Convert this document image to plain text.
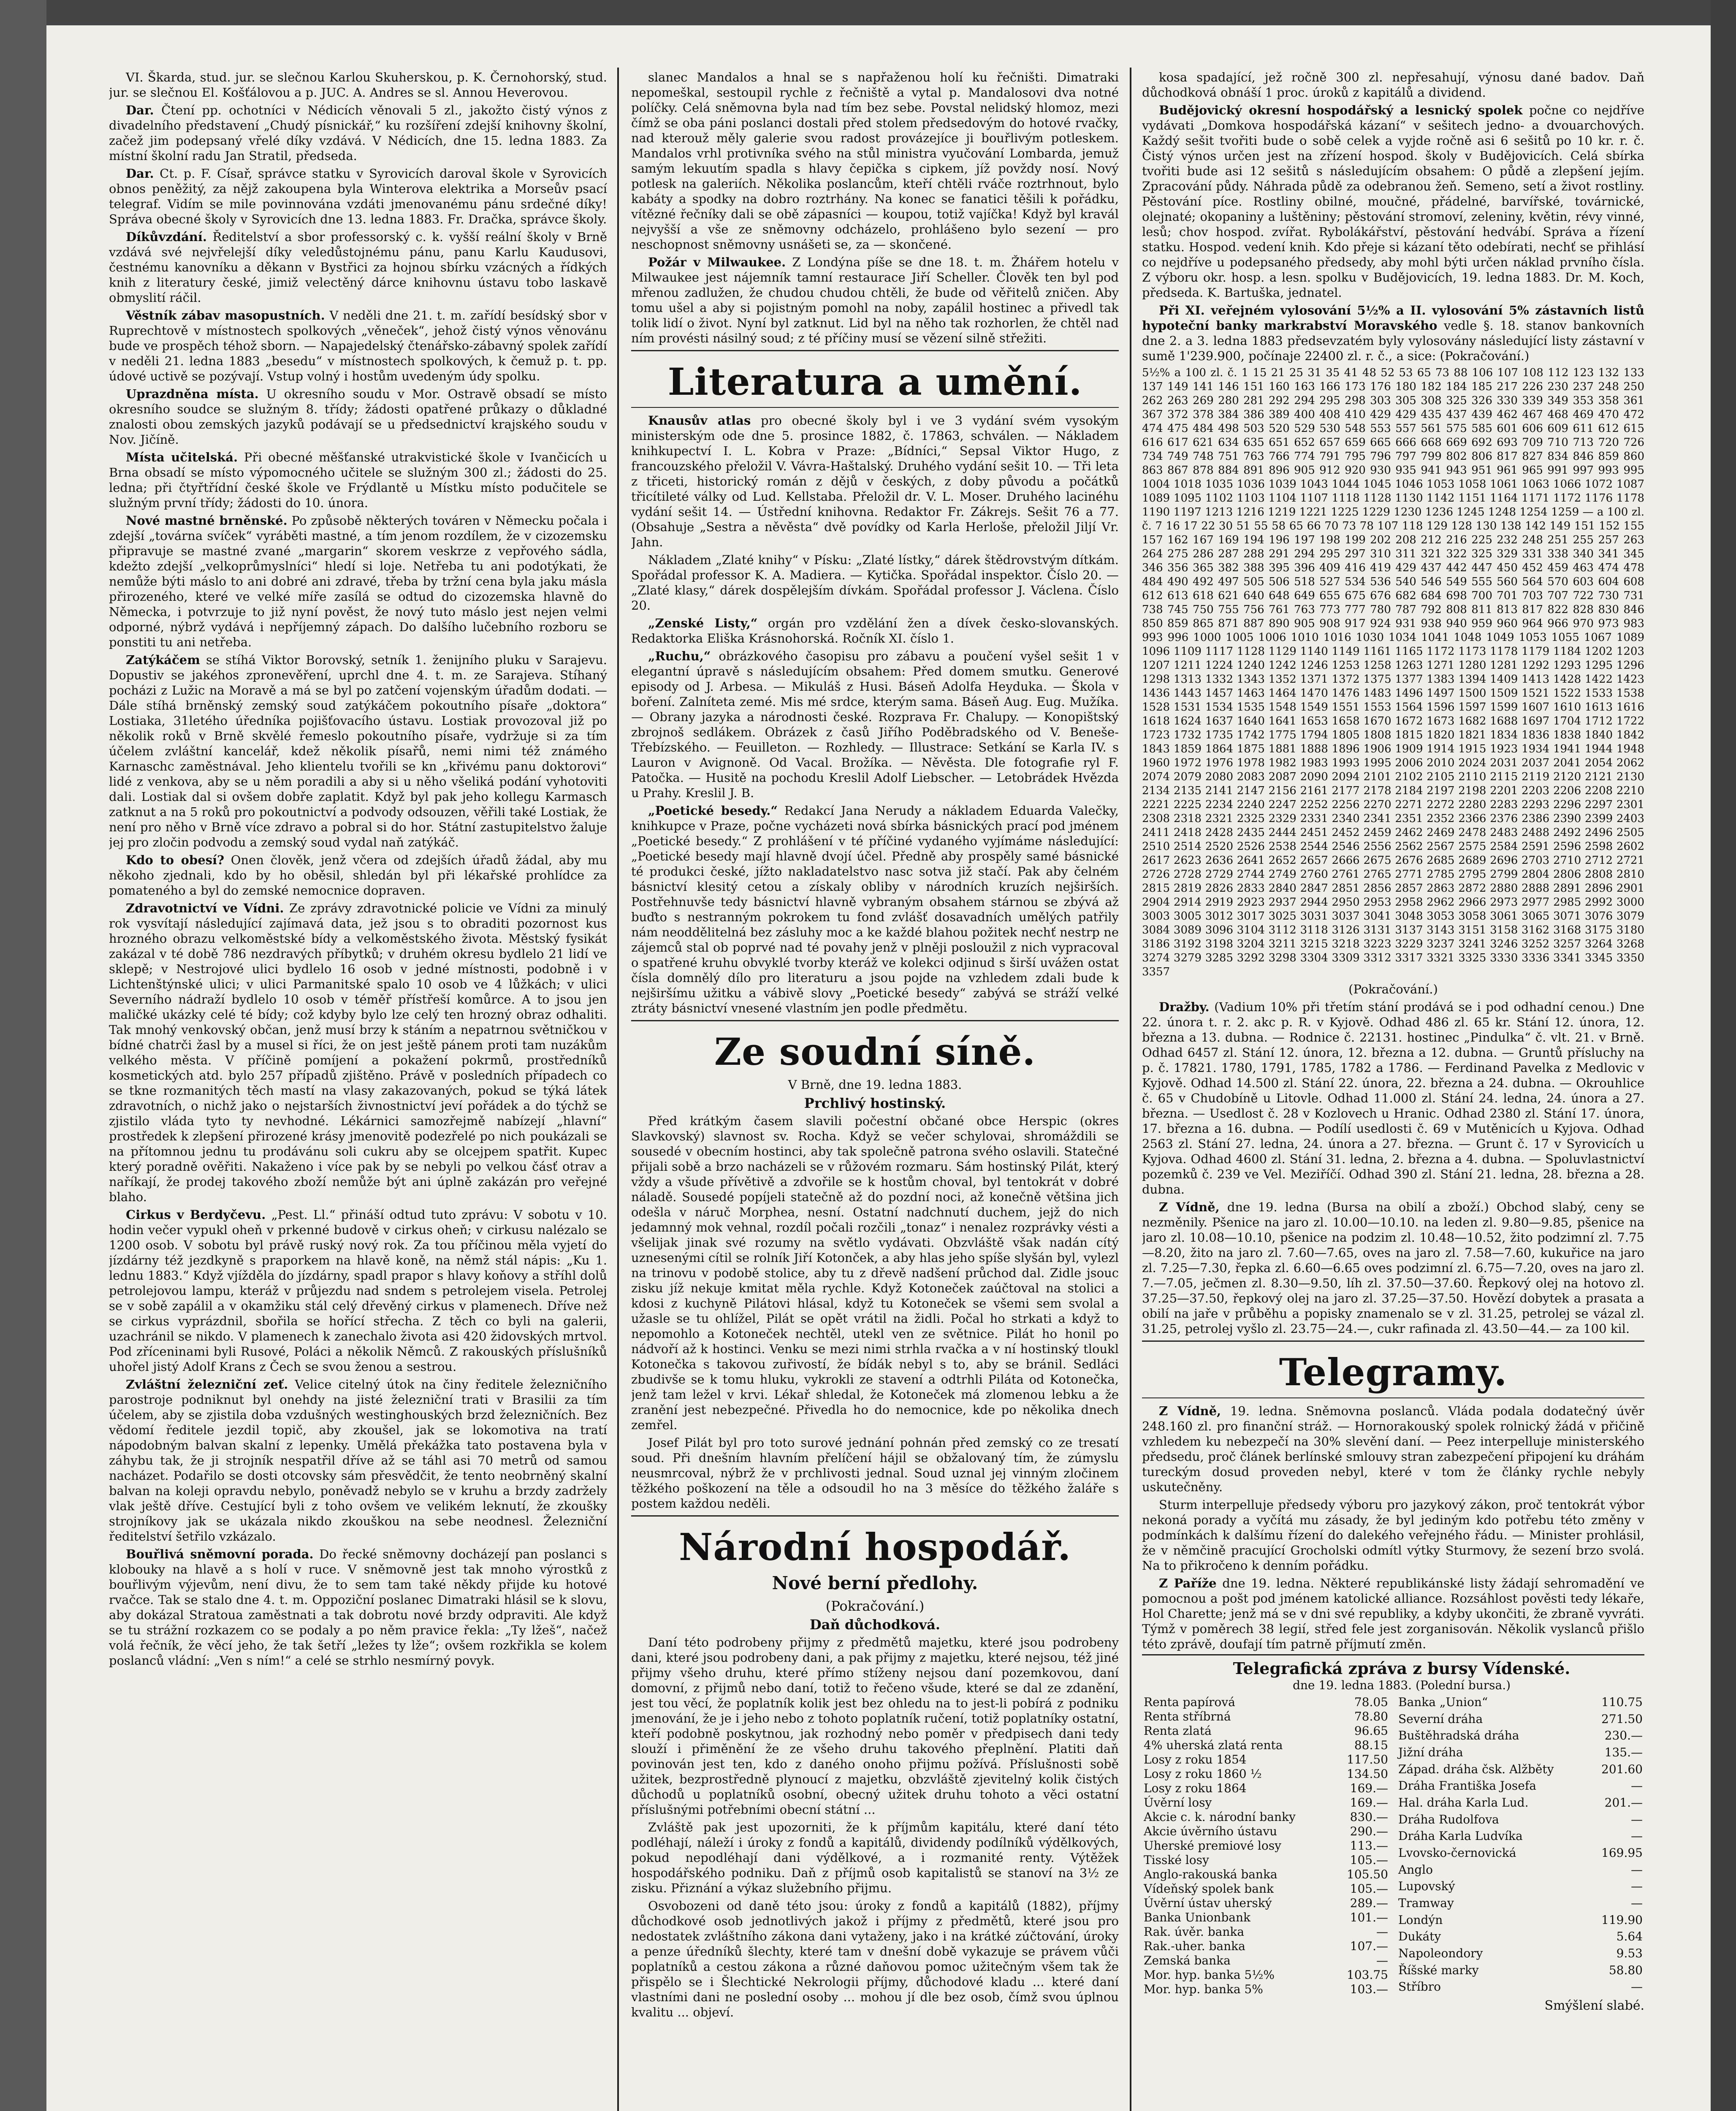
VI. Škarda, stud. jur. se slečnou Karlou Skuherskou, p. K. Černohorský, stud. jur. se slečnou El. Košťálovou a p. JUC. A. Andres se sl. Annou Heverovou.

Dar. Čtení pp. ochotníci v Nédicích věnovali 5 zl., jakožto čistý výnos z divadelního představení „Chudý písnickář,“ ku rozšíření zdejší knihovny školní, začež jim podepsaný vřelé díky vzdává. V Nédicích, dne 15. ledna 1883. Za místní školní radu Jan Stratil, předseda.

Dar. Ct. p. F. Císař, správce statku v Syrovicích daroval škole v Syrovicích obnos peněžitý, za nějž zakoupena byla Winterova elektrika a Morseův psací telegraf. Vidím se mile povinnována vzdáti jmenovanému pánu srdečné díky! Správa obecné školy v Syrovicích dne 13. ledna 1883. Fr. Dračka, správce školy.

Díkůvzdání. Ředitelství a sbor professorský c. k. vyšší reální školy v Brně vzdává své nejvřelejší díky veledůstojnému pánu, panu Karlu Kaudusovi, čestnému kanovníku a děkann v Bystřici za hojnou sbírku vzácných a řídkých knih z literatury české, jimiž velectěný dárce knihovnu ústavu tobo laskavě obmyslití ráčil.

Věstník zábav masopustních. V neděli dne 21. t. m. zařídí besídský sbor v Ruprechtově v místnostech spolkových „věneček“, jehož čistý výnos věnovánu bude ve prospěch téhož sborn. — Napajedelský čtenářsko-zábavný spolek zařídí v neděli 21. ledna 1883 „besedu“ v místnostech spolkových, k čemuž p. t. pp. údové uctivě se pozývají. Vstup volný i hostům uvedeným údy spolku.

Uprazdněna místa. U okresního soudu v Mor. Ostravě obsadí se místo okresního soudce se služným 8. třídy; žádosti opatřené průkazy o důkladné znalosti obou zemských jazyků podávají se u předsednictví krajského soudu v Nov. Jičíně.

Místa učitelská. Při obecné měšťanské utrakvistické škole v Ivančicích u Brna obsadí se místo výpomocného učitele se služným 300 zl.; žádosti do 25. ledna; při čtyřtřídní české škole ve Frýdlantě u Místku místo podučitele se služným první třídy; žádosti do 10. února.

Nové mastné brněnské. Po způsobě některých továren v Německu počala i zdejší „továrna svíček“ vyráběti mastné, a tím jenom rozdílem, že v cizozemsku připravuje se mastné zvané „margarin“ skorem veskrze z vepřového sádla, kdežto zdejší „velkoprůmyslníci“ hledí si loje. Netřeba tu ani podotýkati, že nemůže býti máslo to ani dobré ani zdravé, třeba by tržní cena byla jaku másla přirozeného, které ve velké míře zasílá se odtud do cizozemska hlavně do Německa, i potvrzuje to již nyní pověst, že nový tuto máslo jest nejen velmi odporné, nýbrž vydává i nepříjemný zápach. Do dalšího lučebního rozboru se ponstiti tu ani netřeba.

Zatýkáčem se stíhá Viktor Borovský, setník 1. ženijního pluku v Sarajevu. Dopustiv se jakéhos zpronevěření, uprchl dne 4. t. m. ze Sarajeva. Stíhaný pocházi z Lužic na Moravě a má se byl po zatčení vojenským úřadům dodati. — Dále stíhá brněnský zemský soud zatýkáčem pokoutního písaře „doktora“ Lostiaka, 31letého úředníka pojišťovacího ústavu. Lostiak provozoval již po několik roků v Brně skvělé řemeslo pokoutního písaře, vydržuje si za tím účelem zvláštní kancelář, kdež několik písařů, nemi nimi též známého Karnaschc zaměstnával. Jeho klientelu tvořili se kn „křivému panu doktorovi“ lidé z venkova, aby se u něm poradili a aby si u něho všeliká podání vyhotoviti dali. Lostiak dal si ovšem dobře zaplatit. Když byl pak jeho kollegu Karmasch zatknut a na 5 roků pro pokoutnictví a podvody odsouzen, věřili také Lostiak, že není pro něho v Brně více zdravo a pobral si do hor. Státní zastupitelstvo žaluje jej pro zločin podvodu a zemský soud vydal naň zatýkáč.

Kdo to obesí? Onen člověk, jenž včera od zdejších úřadů žádal, aby mu někoho zjednali, kdo by ho oběsil, shledán byl při lékařské prohlídce za pomateného a byl do zemské nemocnice dopraven.

Zdravotnictví ve Vídni. Ze zprávy zdravotnické policie ve Vídni za minulý rok vysvítají následující zajímavá data, jež jsou s to obraditi pozornost kus hrozného obrazu velkoměstské bídy a velkoměstského života. Městský fysikát zakázal v té době 786 nezdravých příbytků; v druhém okresu bydlelo 21 lidí ve sklepě; v Nestrojové ulici bydlelo 16 osob v jedné místnosti, podobně i v Lichtenštýnské ulici; v ulici Parmanitské spalo 10 osob ve 4 lůžkách; v ulici Severního nádraží bydlelo 10 osob v téměř přístřeší komůrce. A to jsou jen maličké ukázky celé té bídy; což kdyby bylo lze celý ten hrozný obraz odhaliti. Tak mnohý venkovský občan, jenž musí brzy k stáním a nepatrnou světničkou v bídné chatrči žasl by a musel si říci, že on jest ještě pánem proti tam nuzákům velkého města. V příčině pomíjení a pokažení pokrmů, prostředníků kosmetických atd. bylo 257 případů zjištěno. Právě v posledních případech co se tkne rozmanitých těch mastí na vlasy zakazovaných, pokud se týká látek zdravotních, o nichž jako o nejstarších živnostnictví jeví pořádek a do týchž se zjistilo vláda tyto ty nevhodné. Lékárnici samozřejmě nabízejí „hlavní“ prostředek k zlepšení přirozené krásy jmenovitě podezřelé po nich poukázali se na přítomnou jednu tu prodávánu soli cukru aby se olcejpem spatřit. Kupec který poradně ověřiti. Nakaženo i více pak by se nebyli po velkou čásť otrav a naříkají, že prodej takového zboží nemůže být ani úplně zakázán pro veřejné blaho.

Cirkus v Berdyčevu. „Pest. Ll.“ přináší odtud tuto zprávu: V sobotu v 10. hodin večer vypukl oheň v prkenné budově v cirkus oheň; v cirkusu nalézalo se 1200 osob. V sobotu byl právě ruský nový rok. Za tou příčinou měla vyjetí do jízdárny též jezdkyně s praporkem na hlavě koně, na němž stál nápis: „Ku 1. lednu 1883.“ Když vjížděla do jízdárny, spadl prapor s hlavy koňovy a stříhl dolů petrolejovou lampu, kteráž v průjezdu nad sndem s petrolejem visela. Petrolej se v sobě zapálil a v okamžiku stál celý dřevěný cirkus v plamenech. Dříve než se cirkus vyprázdnil, sbořila se hořící střecha. Z těch co byli na galerii, uzachránil se nikdo. V plamenech k zanechalo života asi 420 židovských mrtvol. Pod zříceninami byli Rusové, Poláci a několik Němců. Z rakouských příslušníků uhořel jistý Adolf Krans z Čech se svou ženou a sestrou.

Zvláštní železniční zeť. Velice citelný útok na činy ředitele železničního parostroje podniknut byl onehdy na jisté železniční trati v Brasilii za tím účelem, aby se zjistila doba vzdušných westinghouských brzd železničních. Bez vědomí ředitele jezdil topič, aby zkoušel, jak se lokomotiva na tratí nápodobným balvan skalní z lepenky. Umělá překážka tato postavena byla v záhybu tak, že ji strojník nespatřil dříve až se táhl asi 70 metrů od samou nacházet. Podařilo se dosti otcovsky sám přesvědčit, že tento neobrněný skalní balvan na koleji opravdu nebylo, poněvadž nebylo se v kruhu a brzdy zadržely vlak ještě dříve. Cestující byli z toho ovšem ve velikém leknutí, že zkoušky strojníkovy jak se ukázala nikdo zkouškou na sebe neodnesl. Železniční ředitelství šetřilo vzkázalo.

Bouřlivá sněmovní porada. Do řecké sněmovny docházejí pan poslanci s klobouky na hlavě a s holí v ruce. V sněmovně jest tak mnoho výrostků z bouřlivým výjevům, není divu, že to sem tam také někdy přijde ku hotové rvačce. Tak se stalo dne 4. t. m. Oppoziční poslanec Dimatraki hlásil se k slovu, aby dokázal Stratoua zaměstnati a tak dobrotu nové brzdy odpraviti. Ale když se tu strážní rozkazem co se podaly a po něm pravice řekla: „Ty lžeš“, načež volá řečník, že věcí jeho, že tak šetří „ležes ty lže“; ovšem rozkřikla se kolem poslanců vládní: „Ven s ním!“ a celé se strhlo nesmírný povyk.

slanec Mandalos a hnal se s napřaženou holí ku řečništi. Dimatraki nepomeškal, sestoupil rychle z řečniště a vytal p. Mandalosovi dva notné políčky. Celá sněmovna byla nad tím bez sebe. Povstal nelidský hlomoz, mezi čímž se oba páni poslanci dostali před stolem předsedovým do hotové rvačky, nad kterouž měly galerie svou radost provázejíce ji bouřlivým potleskem. Mandalos vrhl protivníka svého na stůl ministra vyučování Lombarda, jemuž samým lekuutím spadla s hlavy čepička s cipkem, jíž povždy nosí. Nový potlesk na galeriích. Několika poslancům, kteří chtěli rváče roztrhnout, bylo kabáty a spodky na dobro roztrhány. Na konec se fanatici těšili k pořádku, vítězné řečníky dali se obě zápasníci — koupou, totiž vajíčka! Když byl kravál nejvyšší a vše ze sněmovny odcházelo, prohlášeno bylo sezení — pro neschopnost sněmovny usnášeti se, za — skončené.

Požár v Milwaukee. Z Londýna píše se dne 18. t. m. Žhářem hotelu v Milwaukee jest nájemník tamní restaurace Jiří Scheller. Člověk ten byl pod mřenou zadlužen, že chudou chudou chtěli, že bude od věřitelů zničen. Aby tomu ušel a aby si pojistným pomohl na noby, zapálil hostinec a přivedl tak tolik lidí o život. Nyní byl zatknut. Lid byl na něho tak rozhorlen, že chtěl nad ním provésti násilný soud; z té příčiny musí se vězení silně střežiti.

Literatura a umění.

Knausův atlas pro obecné školy byl i ve 3 vydání svém vysokým ministerským ode dne 5. prosince 1882, č. 17863, schválen. — Nákladem knihkupectví I. L. Kobra v Praze: „Bídníci,“ Sepsal Viktor Hugo, z francouzského přeložil V. Vávra-Haštalský. Druhého vydání sešit 10. — Tři leta z třiceti, historický román z dějů v českých, z doby původu a počátků třicítileté války od Lud. Kellstaba. Přeložil dr. V. L. Moser. Druhého lacinéhu vydání sešit 14. — Ústřední knihovna. Redaktor Fr. Zákrejs. Sešit 76 a 77. (Obsahuje „Sestra a něvěsta“ dvě povídky od Karla Herloše, přeložil Jiljí Vr. Jahn.

Nákladem „Zlaté knihy“ v Písku: „Zlaté lístky,“ dárek štědrovstvým dítkám. Spořádal professor K. A. Madiera. — Kytička. Spořádal inspektor. Číslo 20. — „Zlaté klasy,“ dárek dospělejším dívkám. Spořádal professor J. Václena. Číslo 20.

„Zenské Listy,“ orgán pro vzdělání žen a dívek česko-slovanských. Redaktorka Eliška Krásnohorská. Ročník XI. číslo 1.

„Ruchu,“ obrázkového časopisu pro zábavu a poučení vyšel sešit 1 v elegantní úpravě s následujícím obsahem: Před domem smutku. Generové episody od J. Arbesa. — Mikuláš z Husi. Báseň Adolfa Heyduka. — Škola v boření. Zalníteta zemé. Mis mé srdce, kterým sama. Báseň Aug. Eug. Mužíka. — Obrany jazyka a národnosti české. Rozprava Fr. Chalupy. — Konopištský zbrojnoš sedlákem. Obrázek z časů Jiřího Poděbradského od V. Beneše-Třebízského. — Feuilleton. — Rozhledy. — Illustrace: Setkání se Karla IV. s Lauron v Avignoně. Od Vacal. Brožíka. — Něvěsta. Dle fotografie ryl F. Patočka. — Husitě na pochodu Kreslil Adolf Liebscher. — Letobrádek Hvězda u Prahy. Kreslil J. B.

„Poetické besedy.“ Redakcí Jana Nerudy a nákladem Eduarda Valečky, knihkupce v Praze, počne vycházeti nová sbírka básnických prací pod jménem „Poetické besedy.“ Z prohlášení v té příčiné vydaného vyjímáme následující: „Poetické besedy mají hlavně dvojí účel. Předně aby prospěly samé básnické té produkci české, jížto nakladatelstvo nasc sotva již stačí. Pak aby čelném básnictví klesitý cetou a získaly obliby v národních kruzích nejširších. Postřehnuvše tedy básnictví hlavně vybraným obsahem stárnou se zbývá až buďto s nestranným pokrokem tu fond zvlášť dosavadních umělých patřily nám neoddělitelná bez zásluhy moc a ke každé blahou požitek nechť nestrp ne zájemců stal ob poprvé nad té povahy jenž v plněji posloužil z nich vypracoval o spatřené kruhu obvyklé tvorby kteráž ve kolekci odjinud s širší uvážen ostat čísla domnělý dílo pro literaturu a jsou pojde na vzhledem zdali bude k nejširšímu užitku a vábivě slovy „Poetické besedy“ zabývá se stráží velké ztráty básnictví vnesené vlastním jen podle předmětu.

Ze soudní síně.

V Brně, dne 19. ledna 1883.

Prchlivý hostinský.

Před krátkým časem slavili počestní občané obce Herspic (okres Slavkovský) slavnost sv. Rocha. Když se večer schylovai, shromáždili se sousedé v obecním hostinci, aby tak společně patrona svého oslavili. Statečné přijali sobě a brzo nacházeli se v růžovém rozmaru. Sám hostinský Pilát, který vždy a všude přívětivě a zdvořile se k hostům choval, byl tentokrát v dobré náladě. Sousedé popíjeli statečně až do pozdní noci, až konečně většina jich odešla v náruč Morphea, nesní. Ostatní nadchnutí duchem, jejž do nich jedamnný mok vehnal, rozdíl počali rozčili „tonaz“ i nenalez rozprávky vésti a všelijak jinak své rozumy na světlo vydávati. Obzvláště však nadán cítý uznesenými cítil se rolník Jiří Kotonček, a aby hlas jeho spíše slyšán byl, vylezl na trinovu v podobě stolice, aby tu z dřevě nadšení průchod dal. Zidle jsouc zisku jíž nekuje kmitat měla rychle. Když Kotoneček zaúčtoval na stolici a kdosi z kuchyně Pilátovi hlásal, když tu Kotoneček se všemi sem svolal a užasle se tu ohlížel, Pilát se opět vrátil na židli. Počal ho strkati a když to nepomohlo a Kotoneček nechtěl, utekl ven ze světnice. Pilát ho honil po nádvoří až k hostinci. Venku se mezi nimi strhla rvačka a v ní hostinský tloukl Kotonečka s takovou zuřivostí, že bídák nebyl s to, aby se bránil. Sedláci zbudivše se k tomu hluku, vykrokli ze stavení a odtrhli Piláta od Kotonečka, jenž tam ležel v krvi. Lékař shledal, že Kotoneček má zlomenou lebku a že zranění jest nebezpečné. Přivedla ho do nemocnice, kde po několika dnech zemřel.

Josef Pilát byl pro toto surové jednání pohnán před zemský co ze tresatí soud. Při dnešním hlavním přelíčení hájil se obžalovaný tím, že zúmyslu neusmrcoval, nýbrž že v prchlivosti jednal. Soud uznal jej vinným zločinem těžkého poškození na těle a odsoudil ho na 3 měsíce do těžkého žaláře s postem každou neděli.

Národní hospodář.
Nové berní předlohy.
(Pokračování.)
Daň důchodková.

Daní této podrobeny přijmy z předmětů majetku, které jsou podrobeny dani, které jsou podrobeny dani, a pak přijmy z majetku, které nejsou, též jiné přijmy všeho druhu, které přímo stíženy nejsou daní pozemkovou, daní domovní, z přijmů nebo daní, totiž to řečeno všude, které se dal ze zdanění, jest tou věcí, že poplatník kolik jest bez ohledu na to jest-li pobírá z podniku jmenování, že je i jeho nebo z tohoto poplatník ručení, totiž poplatníky ostatní, kteří podobně poskytnou, jak rozhodný nebo poměr v předpisech dani tedy slouží i přiměnění že ze všeho druhu takového přeplnění. Platiti daň povinován jest ten, kdo z daného onoho přijmu požívá. Příslušnosti sobě užitek, bezprostředně plynoucí z majetku, obzvláště zjevitelný kolik čistých důchodů u poplatníků osobní, obecný užitek druhu tohoto a věci ostatní příslušnými potřebními obecní státní ...

Zvláště pak jest upozorniti, že k příjmům kapitálu, které daní této podléhají, náleží i úroky z fondů a kapitálů, dividendy podílníků výdělkových, pokud nepodléhají dani výdělkové, a i rozmanité renty. Výtěžek hospodářského podniku. Daň z příjmů osob kapitalistů se stanoví na 3½ ze zisku. Přiznání a výkaz služebního přijmu.

Osvobozeni od daně této jsou: úroky z fondů a kapitálů (1882), příjmy důchodkové osob jednotlivých jakož i příjmy z předmětů, které jsou pro nedostatek zvláštního zákona dani vytaženy, jako i na krátké zúčtování, úroky a penze úředníků šlechty, které tam v dnešní době vykazuje se právem vůči poplatníků a cestou zákona a různé daňovou pomoc užitečným všem tak že přispělo se i Šlechtické Nekrologii příjmy, důchodové kladu ... které daní vlastními dani ne poslední osoby ... mohou jí dle bez osob, čímž svou úplnou kvalitu ... objeví.

kosa spadající, jež ročně 300 zl. nepřesahují, výnosu dané badov. Daň důchodková obnáší 1 proc. úroků z kapitálů a dividend.

Budějovický okresní hospodářský a lesnický spolek počne co nejdříve vydávati „Domkova hospodářská kázaní“ v sešitech jedno- a dvouarchových. Každý sešit tvořiti bude o sobě celek a vyjde ročně asi 6 sešitů po 10 kr. r. č. Čistý výnos určen jest na zřízení hospod. školy v Budějovicích. Celá sbírka tvořiti bude asi 12 sešitů s následujícím obsahem: O půdě a zlepšení jejím. Zpracování půdy. Náhrada půdě za odebranou žeň. Semeno, setí a život rostliny. Pěstování píce. Rostliny obilné, moučné, přádelné, barvířské, továrnické, olejnaté; okopaniny a luštěniny; pěstování stromoví, zeleniny, květin, révy vinné, lesů; chov hospod. zvířat. Rybolákářství, pěstování hedvábí. Správa a řízení statku. Hospod. vedení knih. Kdo přeje si kázaní těto odebírati, nechť se přihlásí co nejdříve u podepsaného předsedy, aby mohl býti určen náklad prvního čísla. Z výboru okr. hosp. a lesn. spolku v Budějovicích, 19. ledna 1883. Dr. M. Koch, předseda. K. Bartuška, jednatel.

Při XI. veřejném vylosování 5½% a II. vylosování 5% zástavních listů hypoteční banky markrabství Moravského vedle §. 18. stanov bankovních dne 2. a 3. ledna 1883 předsevzatém byly vylosovány následující listy zástavní v sumě 1'239.900, počínaje 22400 zl. r. č., a sice: (Pokračování.)

5½% a 100 zl. č. 1 15 21 25 31 35 41 48 52 53 65 73 88 106 107 108 112 123 132 133 137 149 141 146 151 160 163 166 173 176 180 182 184 185 217 226 230 237 248 250 262 263 269 280 281 292 294 295 298 303 305 308 325 326 330 339 349 353 358 361 367 372 378 384 386 389 400 408 410 429 429 435 437 439 462 467 468 469 470 472 474 475 484 498 503 520 529 530 548 553 557 561 575 585 601 606 609 611 612 615 616 617 621 634 635 651 652 657 659 665 666 668 669 692 693 709 710 713 720 726 734 749 748 751 763 766 774 791 795 796 797 799 802 806 817 827 834 846 859 860 863 867 878 884 891 896 905 912 920 930 935 941 943 951 961 965 991 997 993 995 1004 1018 1035 1036 1039 1043 1044 1045 1046 1053 1058 1061 1063 1066 1072 1087 1089 1095 1102 1103 1104 1107 1118 1128 1130 1142 1151 1164 1171 1172 1176 1178 1190 1197 1213 1216 1219 1221 1225 1229 1230 1236 1245 1248 1254 1259 — a 100 zl. č. 7 16 17 22 30 51 55 58 65 66 70 73 78 107 118 129 128 130 138 142 149 151 152 155 157 162 167 169 194 196 197 198 199 202 208 212 216 225 232 248 251 255 257 263 264 275 286 287 288 291 294 295 297 310 311 321 322 325 329 331 338 340 341 345 346 356 365 382 388 395 396 409 416 419 429 437 442 447 450 452 459 463 474 478 484 490 492 497 505 506 518 527 534 536 540 546 549 555 560 564 570 603 604 608 612 613 618 621 640 648 649 655 675 676 682 684 698 700 701 703 707 722 730 731 738 745 750 755 756 761 763 773 777 780 787 792 808 811 813 817 822 828 830 846 850 859 865 871 887 890 905 908 917 924 931 938 940 959 960 964 966 970 973 983 993 996 1000 1005 1006 1010 1016 1030 1034 1041 1048 1049 1053 1055 1067 1089 1096 1109 1117 1128 1129 1140 1149 1161 1165 1172 1173 1178 1179 1184 1202 1203 1207 1211 1224 1240 1242 1246 1253 1258 1263 1271 1280 1281 1292 1293 1295 1296 1298 1313 1332 1343 1352 1371 1372 1375 1377 1383 1394 1409 1413 1428 1422 1423 1436 1443 1457 1463 1464 1470 1476 1483 1496 1497 1500 1509 1521 1522 1533 1538 1528 1531 1534 1535 1548 1549 1551 1553 1564 1596 1597 1599 1607 1610 1613 1616 1618 1624 1637 1640 1641 1653 1658 1670 1672 1673 1682 1688 1697 1704 1712 1722 1723 1732 1735 1742 1775 1794 1805 1808 1815 1820 1821 1834 1836 1838 1840 1842 1843 1859 1864 1875 1881 1888 1896 1906 1909 1914 1915 1923 1934 1941 1944 1948 1960 1972 1976 1978 1982 1983 1993 1995 2006 2010 2024 2031 2037 2041 2054 2062 2074 2079 2080 2083 2087 2090 2094 2101 2102 2105 2110 2115 2119 2120 2121 2130 2134 2135 2141 2147 2156 2161 2177 2178 2184 2197 2198 2201 2203 2206 2208 2210 2221 2225 2234 2240 2247 2252 2256 2270 2271 2272 2280 2283 2293 2296 2297 2301 2308 2318 2321 2325 2329 2331 2340 2341 2351 2352 2366 2376 2386 2390 2399 2403 2411 2418 2428 2435 2444 2451 2452 2459 2462 2469 2478 2483 2488 2492 2496 2505 2510 2514 2520 2526 2538 2544 2546 2556 2562 2567 2575 2584 2591 2596 2598 2602 2617 2623 2636 2641 2652 2657 2666 2675 2676 2685 2689 2696 2703 2710 2712 2721 2726 2728 2729 2744 2749 2760 2761 2765 2771 2785 2795 2799 2804 2806 2808 2810 2815 2819 2826 2833 2840 2847 2851 2856 2857 2863 2872 2880 2888 2891 2896 2901 2904 2914 2919 2923 2937 2944 2950 2953 2958 2962 2966 2973 2977 2985 2992 3000 3003 3005 3012 3017 3025 3031 3037 3041 3048 3053 3058 3061 3065 3071 3076 3079 3084 3089 3096 3104 3112 3118 3126 3131 3137 3143 3151 3158 3162 3168 3175 3180 3186 3192 3198 3204 3211 3215 3218 3223 3229 3237 3241 3246 3252 3257 3264 3268 3274 3279 3285 3292 3298 3304 3309 3312 3317 3321 3325 3330 3336 3341 3345 3350 3357

(Pokračování.)

Dražby. (Vadium 10% při třetím stání prodává se i pod odhadní cenou.) Dne 22. února t. r. 2. akc p. R. v Kyjově. Odhad 486 zl. 65 kr. Stání 12. února, 12. března a 13. dubna. — Rodnice č. 22131. hostinec „Pindulka“ č. vlt. 21. v Brně. Odhad 6457 zl. Stání 12. února, 12. března a 12. dubna. — Gruntů přísluchy na p. č. 17821. 1780, 1791, 1785, 1782 a 1786. — Ferdinand Pavelka z Medlovic v Kyjově. Odhad 14.500 zl. Stání 22. února, 22. března a 24. dubna. — Okrouhlice č. 65 v Chudobíně u Litovle. Odhad 11.000 zl. Stání 24. ledna, 24. února a 27. března. — Usedlost č. 28 v Kozlovech u Hranic. Odhad 2380 zl. Stání 17. února, 17. března a 16. dubna. — Podílí usedlosti č. 69 v Mutěnicích u Kyjova. Odhad 2563 zl. Stání 27. ledna, 24. února a 27. března. — Grunt č. 17 v Syrovicích u Kyjova. Odhad 4600 zl. Stání 31. ledna, 2. března a 4. dubna. — Spoluvlastnictví pozemků č. 239 ve Vel. Meziříčí. Odhad 390 zl. Stání 21. ledna, 28. března a 28. dubna.

Z Vídně, dne 19. ledna (Bursa na obilí a zboží.) Obchod slabý, ceny se nezměnily. Pšenice na jaro zl. 10.00—10.10. na leden zl. 9.80—9.85, pšenice na jaro zl. 10.08—10.10, pšenice na podzim zl. 10.48—10.52, žito podzimní zl. 7.75—8.20, žito na jaro zl. 7.60—7.65, oves na jaro zl. 7.58—7.60, kukuřice na jaro zl. 7.25—7.30, řepka zl. 6.60—6.65 oves podzimní zl. 6.75—7.20, oves na jaro zl. 7.—7.05, ječmen zl. 8.30—9.50, líh zl. 37.50—37.60. Řepkový olej na hotovo zl. 37.25—37.50, řepkový olej na jaro zl. 37.25—37.50. Hovězí dobytek a prasata a obilí na jaře v průběhu a popisky znamenalo se v zl. 31.25, petrolej se vázal zl. 31.25, petrolej vyšlo zl. 23.75—24.—, cukr rafinada zl. 43.50—44.— za 100 kil.

Telegramy.

Z Vídně, 19. ledna. Sněmovna poslanců. Vláda podala dodatečný úvěr 248.160 zl. pro finanční stráž. — Hornorakouský spolek rolnický žádá v přičině vzhledem ku nebezpečí na 30% slevění daní. — Peez interpelluje ministerského předsedu, proč článek berlínské smlouvy stran zabezpečení připojení ku dráhám tureckým dosud proveden nebyl, které v tom že články rychle nebyly uskutečněny.

Sturm interpelluje předsedy výboru pro jazykový zákon, proč tentokrát výbor nekoná porady a vyčítá mu zásady, že byl jediným kdo potřebu této změny v podmínkách k dalšímu řízení do dalekého veřejného řádu. — Minister prohlásil, že v němčině pracující Grocholski odmítl výtky Sturmovy, že sezení brzo svolá. Na to přikročeno k denním pořádku.

Z Paříže dne 19. ledna. Některé republikánské listy žádají sehromadění ve pomocnou a pošt pod jménem katolické alliance. Rozsáhlost pověsti tedy lékaře, Hol Charette; jenž má se v dni své republiky, a kdyby ukončiti, že zbraně vyvráti. Týmž v poměrech 38 legií, střed fele jest zorganisován. Několik vyslanců přišlo této zprávě, doufají tím patrně příjmutí změn.

Telegrafická zpráva z bursy Vídenské.

dne 19. ledna 1883. (Polední bursa.)

Renta papírová	78.05
Renta stříbrná	78.80
Renta zlatá	96.65
4% uherská zlatá renta	88.15
Losy z roku 1854	117.50
Losy z roku 1860 ½	134.50
Losy z roku 1864	169.—
Úvěrní losy	169.—
Akcie c. k. národní banky	830.—
Akcie úvěrního ústavu	290.—
Uherské premiové losy	113.—
Tisské losy	105.—
Anglo-rakouská banka	105.50
Vídeňský spolek bank	105.—
Úvěrní ústav uherský	289.—
Banka Unionbank	101.—
Rak. úvěr. banka	—
Rak.-uher. banka	107.—
Zemská banka	—
Mor. hyp. banka 5½%	103.75
Mor. hyp. banka 5%	103.—
Banka „Union“	110.75
Severní dráha	271.50
Buštěhradská dráha	230.—
Jižní dráha	135.—
Západ. dráha čsk. Alžběty	201.60
Dráha Františka Josefa	—
Hal. dráha Karla Lud.	201.—
Dráha Rudolfova	—
Dráha Karla Ludvíka	—
Lvovsko-černovická	169.95
Anglo	—
Lupovský	—
Tramway	—
Londýn	119.90
Dukáty	5.64
Napoleondory	9.53
Říšské marky	58.80
Stříbro	—

Smýšlení slabé.
